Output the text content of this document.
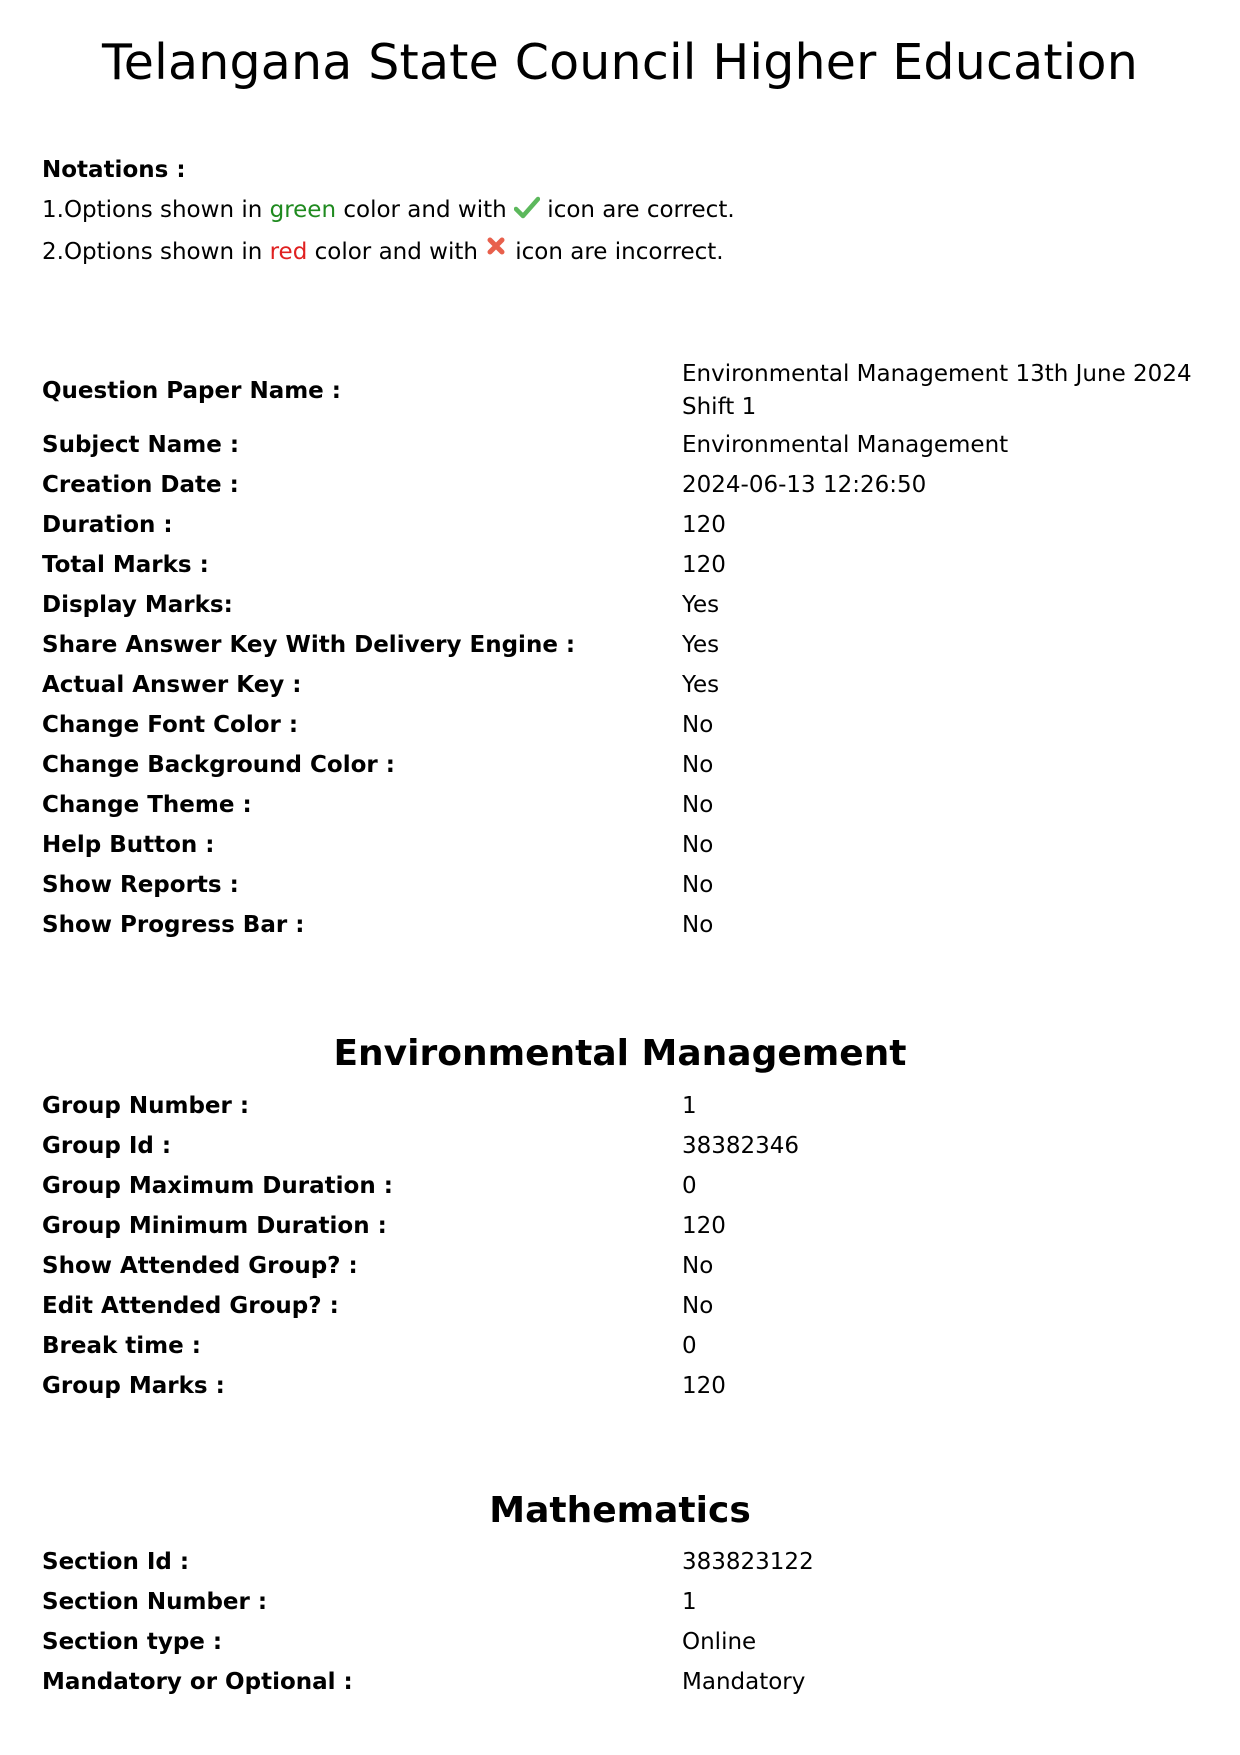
Telangana State Council Higher Education
Notations :
1.Options shown in green color and with  icon are correct.
2.Options shown in red color and with icon are incorrect.
Question Paper Name :	Environmental Management 13th June 2024 Shift 1
Subject Name :	Environmental Management
Creation Date :	2024-06-13 12:26:50
Duration :	120
Total Marks :	120
Display Marks:	Yes
Share Answer Key With Delivery Engine :	Yes
Actual Answer Key :	Yes
Change Font Color :	No
Change Background Color :	No
Change Theme :	No
Help Button :	No
Show Reports :	No
Show Progress Bar :	No
Environmental Management
Group Number :	1
Group Id :	38382346
Group Maximum Duration :	0
Group Minimum Duration :	120
Show Attended Group? :	No
Edit Attended Group? :	No
Break time :	0
Group Marks :	120
Mathematics
Section Id :	383823122
Section Number :	1
Section type :	Online
Mandatory or Optional :	Mandatory
